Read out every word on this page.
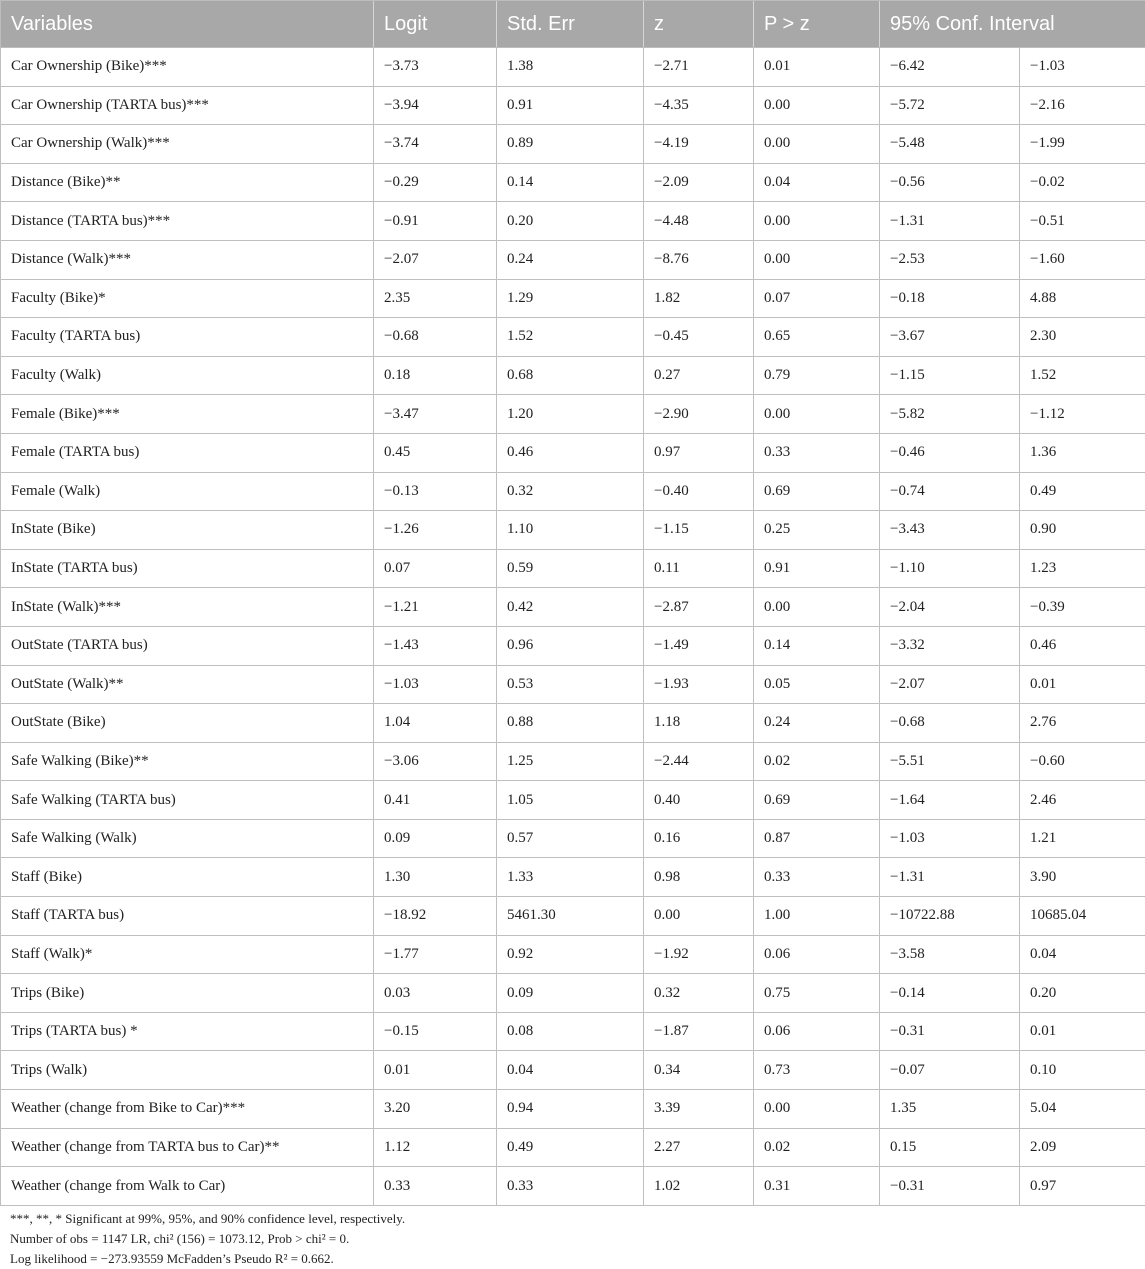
Variables	Logit	Std. Err	z	P > z	95% Conf. Interval	
Car Ownership (Bike)***	−3.73	1.38	−2.71	0.01	−6.42	−1.03
Car Ownership (TARTA bus)***	−3.94	0.91	−4.35	0.00	−5.72	−2.16
Car Ownership (Walk)***	−3.74	0.89	−4.19	0.00	−5.48	−1.99
Distance (Bike)**	−0.29	0.14	−2.09	0.04	−0.56	−0.02
Distance (TARTA bus)***	−0.91	0.20	−4.48	0.00	−1.31	−0.51
Distance (Walk)***	−2.07	0.24	−8.76	0.00	−2.53	−1.60
Faculty (Bike)*	2.35	1.29	1.82	0.07	−0.18	4.88
Faculty (TARTA bus)	−0.68	1.52	−0.45	0.65	−3.67	2.30
Faculty (Walk)	0.18	0.68	0.27	0.79	−1.15	1.52
Female (Bike)***	−3.47	1.20	−2.90	0.00	−5.82	−1.12
Female (TARTA bus)	0.45	0.46	0.97	0.33	−0.46	1.36
Female (Walk)	−0.13	0.32	−0.40	0.69	−0.74	0.49
InState (Bike)	−1.26	1.10	−1.15	0.25	−3.43	0.90
InState (TARTA bus)	0.07	0.59	0.11	0.91	−1.10	1.23
InState (Walk)***	−1.21	0.42	−2.87	0.00	−2.04	−0.39
OutState (TARTA bus)	−1.43	0.96	−1.49	0.14	−3.32	0.46
OutState (Walk)**	−1.03	0.53	−1.93	0.05	−2.07	0.01
OutState (Bike)	1.04	0.88	1.18	0.24	−0.68	2.76
Safe Walking (Bike)**	−3.06	1.25	−2.44	0.02	−5.51	−0.60
Safe Walking (TARTA bus)	0.41	1.05	0.40	0.69	−1.64	2.46
Safe Walking (Walk)	0.09	0.57	0.16	0.87	−1.03	1.21
Staff (Bike)	1.30	1.33	0.98	0.33	−1.31	3.90
Staff (TARTA bus)	−18.92	5461.30	0.00	1.00	−10722.88	10685.04
Staff (Walk)*	−1.77	0.92	−1.92	0.06	−3.58	0.04
Trips (Bike)	0.03	0.09	0.32	0.75	−0.14	0.20
Trips (TARTA bus) *	−0.15	0.08	−1.87	0.06	−0.31	0.01
Trips (Walk)	0.01	0.04	0.34	0.73	−0.07	0.10
Weather (change from Bike to Car)***	3.20	0.94	3.39	0.00	1.35	5.04
Weather (change from TARTA bus to Car)**	1.12	0.49	2.27	0.02	0.15	2.09
Weather (change from Walk to Car)	0.33	0.33	1.02	0.31	−0.31	0.97
***, **, * Significant at 99%, 95%, and 90% confidence level, respectively.
Number of obs = 1147 LR, chi² (156) = 1073.12, Prob > chi² = 0.
Log likelihood = −273.93559 McFadden’s Pseudo R² = 0.662.
